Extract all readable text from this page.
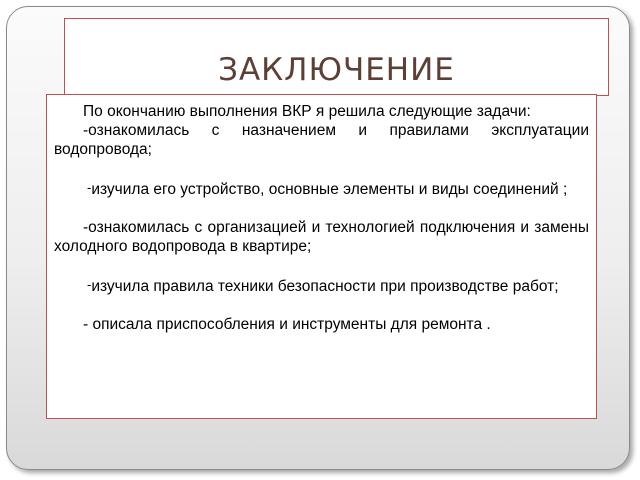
ЗАКЛЮЧЕНИЕ

По окончанию выполнения ВКР я решила следующие задачи:

-ознакомилась с назначением и правилами эксплуатации водопровода;

-изучила его устройство, основные элементы и виды соединений ;

-ознакомилась с организацией и технологией подключения и замены холодного водопровода в квартире;

-изучила правила техники безопасности при производстве работ;

- описала приспособления и инструменты для ремонта .
